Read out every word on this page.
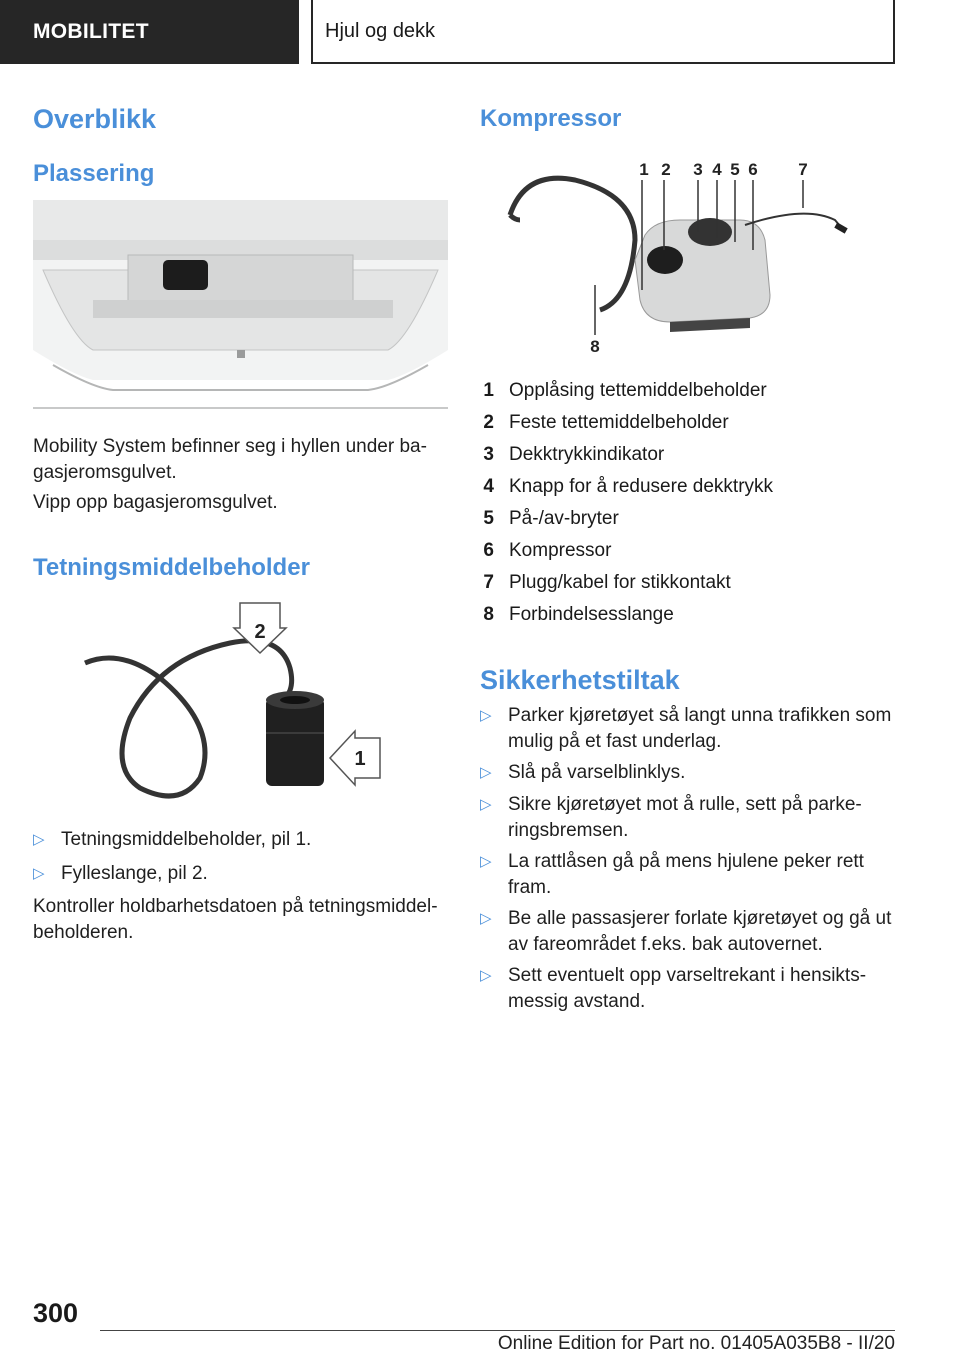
MOBILITET	Hjul og dekk
Overblikk
Plassering

Mobility System befinner seg i hyllen under ba-
gasjeromsgulvet.

Vipp opp bagasjeromsgulvet.

Tetningsmiddelbeholder
2
1
▷ Tetningsmiddelbeholder, pil 1.
▷ Fylleslange, pil 2.

Kontroller holdbarhetsdatoen på tetningsmiddel-
beholderen.

Kompressor
1 2 3 4 5 6 7
8
1 Opplåsing tettemiddelbeholder
2 Feste tettemiddelbeholder
3 Dekktrykkindikator
4 Knapp for å redusere dekktrykk
5 På-/av-bryter
6 Kompressor
7 Plugg/kabel for stikkontakt
8 Forbindelsesslange
Sikkerhetstiltak
▷ Parker kjøretøyet så langt unna trafikken som
mulig på et fast underlag.
▷ Slå på varselblinklys.
▷ Sikre kjøretøyet mot å rulle, sett på parke-
ringsbremsen.
▷ La rattlåsen gå på mens hjulene peker rett
fram.
▷ Be alle passasjerer forlate kjøretøyet og gå ut
av fareområdet f.eks. bak autovernet.
▷ Sett eventuelt opp varseltrekant i hensikts-
messig avstand.
300
Online Edition for Part no. 01405A035B8 - II/20
